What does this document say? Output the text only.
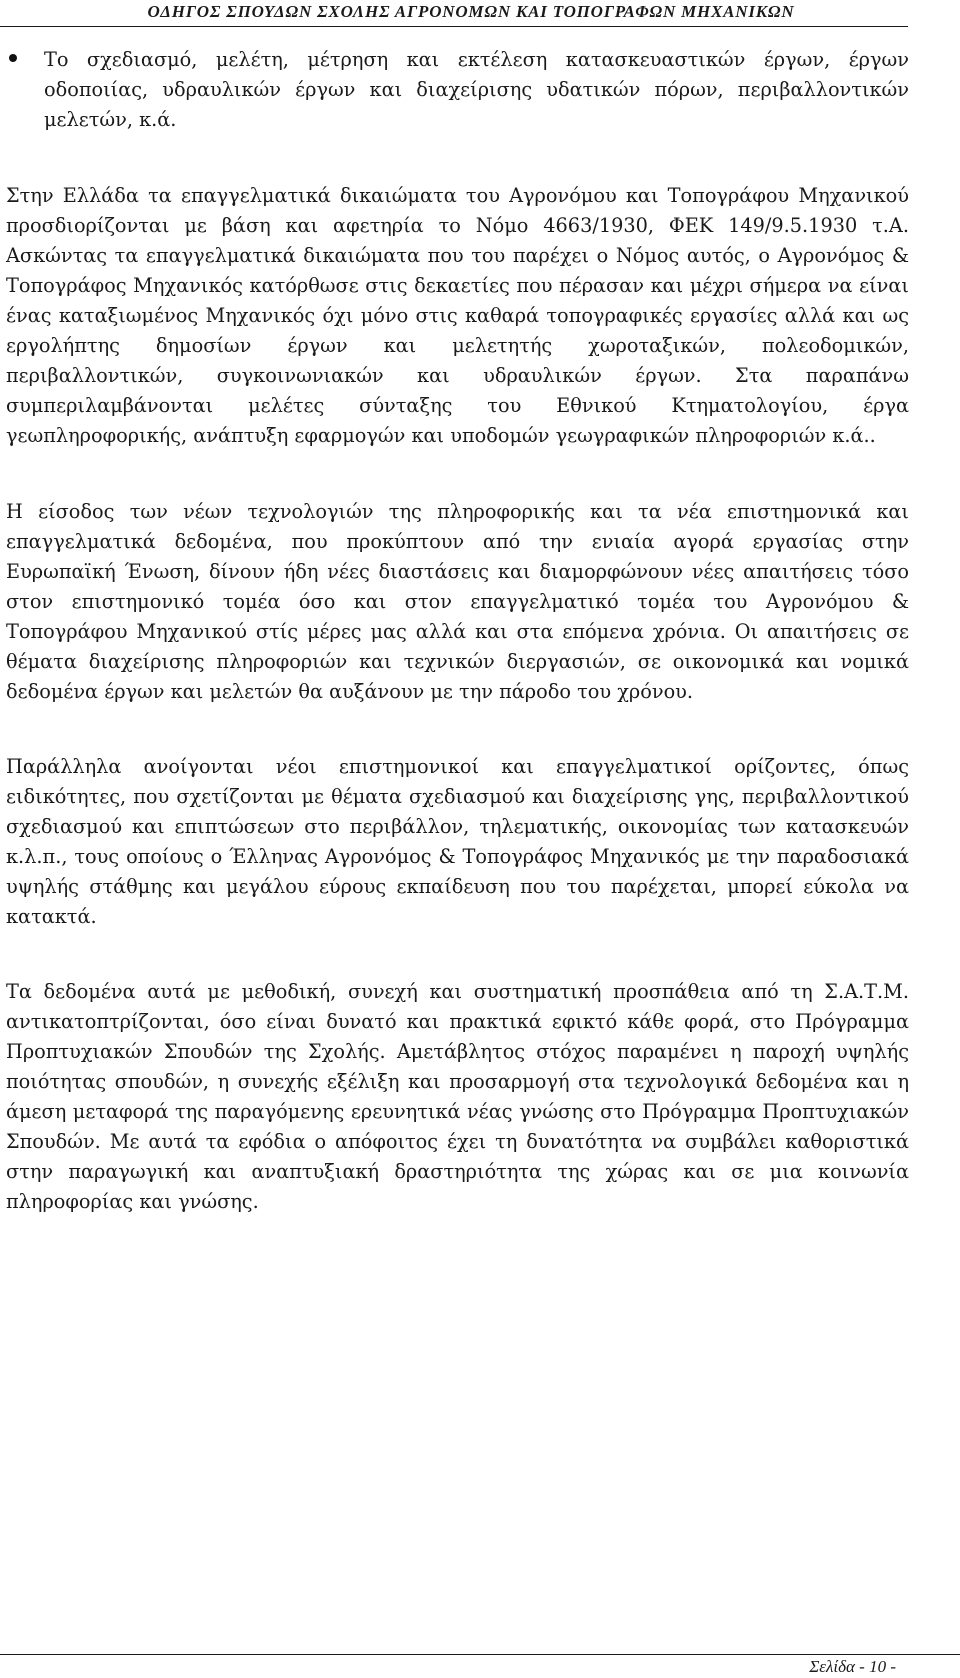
ΟΔΗΓΟΣ ΣΠΟΥΔΩΝ ΣΧΟΛΗΣ ΑΓΡΟΝΟΜΩΝ ΚΑΙ ΤΟΠΟΓΡΑΦΩΝ ΜΗΧΑΝΙΚΩΝ

Το σχεδιασμό, μελέτη, μέτρηση και εκτέλεση κατασκευαστικών έργων, έργων οδοποιίας, υδραυλικών έργων και διαχείρισης υδατικών πόρων, περιβαλλοντικών μελετών, κ.ά.

Στην Ελλάδα τα επαγγελματικά δικαιώματα του Αγρονόμου και Τοπογράφου Μηχανικού προσδιορίζονται με βάση και αφετηρία το Νόμο 4663/1930, ΦΕΚ 149/9.5.1930 τ.Α. Ασκώντας τα επαγγελματικά δικαιώματα που του παρέχει ο Νόμος αυτός, ο Αγρονόμος & Τοπογράφος Μηχανικός κατόρθωσε στις δεκαετίες που πέρασαν και μέχρι σήμερα να είναι ένας καταξιωμένος Μηχανικός όχι μόνο στις καθαρά τοπογραφικές εργασίες αλλά και ως εργολήπτης δημοσίων έργων και μελετητής χωροταξικών, πολεοδομικών, περιβαλλοντικών, συγκοινωνιακών και υδραυλικών έργων. Στα παραπάνω συμπεριλαμβάνονται μελέτες σύνταξης του Εθνικού Κτηματολογίου, έργα γεωπληροφορικής, ανάπτυξη εφαρμογών και υποδομών γεωγραφικών πληροφοριών κ.ά..

Η είσοδος των νέων τεχνολογιών της πληροφορικής και τα νέα επιστημονικά και επαγγελματικά δεδομένα, που προκύπτουν από την ενιαία αγορά εργασίας στην Ευρωπαϊκή Ένωση, δίνουν ήδη νέες διαστάσεις και διαμορφώνουν νέες απαιτήσεις τόσο στον επιστημονικό τομέα όσο και στον επαγγελματικό τομέα του Αγρονόμου & Τοπογράφου Μηχανικού στίς μέρες μας αλλά και στα επόμενα χρόνια. Οι απαιτήσεις σε θέματα διαχείρισης πληροφοριών και τεχνικών διεργασιών, σε οικονομικά και νομικά δεδομένα έργων και μελετών θα αυξάνουν με την πάροδο του χρόνου.

Παράλληλα ανοίγονται νέοι επιστημονικοί και επαγγελματικοί ορίζοντες, όπως ειδικότητες, που σχετίζονται με θέματα σχεδιασμού και διαχείρισης γης, περιβαλλοντικού σχεδιασμού και επιπτώσεων στο περιβάλλον, τηλεματικής, οικονομίας των κατασκευών κ.λ.π., τους οποίους ο Έλληνας Αγρονόμος & Τοπογράφος Μηχανικός με την παραδοσιακά υψηλής στάθμης και μεγάλου εύρους εκπαίδευση που του παρέχεται, μπορεί εύκολα να κατακτά.

Τα δεδομένα αυτά με μεθοδική, συνεχή και συστηματική προσπάθεια από τη Σ.Α.Τ.Μ. αντικατοπτρίζονται, όσο είναι δυνατό και πρακτικά εφικτό κάθε φορά, στο Πρόγραμμα Προπτυχιακών Σπουδών της Σχολής. Αμετάβλητος στόχος παραμένει η παροχή υψηλής ποιότητας σπουδών, η συνεχής εξέλιξη και προσαρμογή στα τεχνολογικά δεδομένα και η άμεση μεταφορά της παραγόμενης ερευνητικά νέας γνώσης στο Πρόγραμμα Προπτυχιακών Σπουδών. Με αυτά τα εφόδια ο απόφοιτος έχει τη δυνατότητα να συμβάλει καθοριστικά στην παραγωγική και αναπτυξιακή δραστηριότητα της χώρας και σε μια κοινωνία πληροφορίας και γνώσης.

Σελίδα - 10 -
